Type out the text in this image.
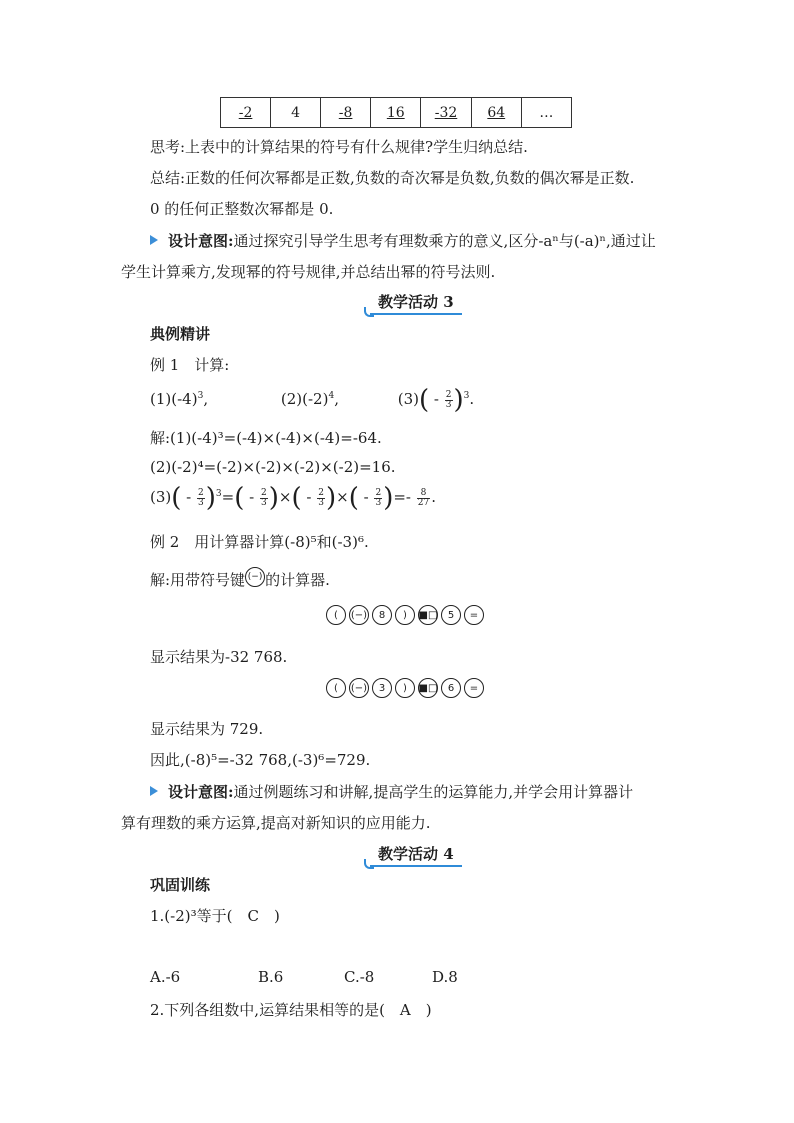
-2	4	-8	16	-32	64	…
思考:上表中的计算结果的符号有什么规律?学生归纳总结.
总结:正数的任何次幂都是正数,负数的奇次幂是负数,负数的偶次幂是正数.
0 的任何正整数次幂都是 0.
设计意图:通过探究引导学生思考有理数乘方的意义,区分-aⁿ与(-a)ⁿ,通过让
学生计算乘方,发现幂的符号规律,并总结出幂的符号法则.
教学活动 3
典例精讲
例 1　计算:
$(1)(-4)^3$,	$(2)(-2)^4$,	$(3)( - \frac{2}{3} )^3$.
解:(1)(-4)³=(-4)×(-4)×(-4)=-64.
(2)(-2)⁴=(-2)×(-2)×(-2)×(-2)=16.
$(3)( - \frac{2}{3} )^3=( - \frac{2}{3}$ )×( - $\frac{2}{3}$ )×( - $\frac{2}{3}$ )=- $\frac{8}{27}$ .
例 2　用计算器计算(-8)⁵和(-3)⁶.
解:用带符号键 (−) 的计算器.
(	(−)	8	)	■□	5	=
显示结果为-32 768.
(	(−)	3	)	■□	6	=
显示结果为 729.
因此,(-8)⁵=-32 768,(-3)⁶=729.
设计意图:通过例题练习和讲解,提高学生的运算能力,并学会用计算器计
算有理数的乘方运算,提高对新知识的应用能力.
教学活动 4
巩固训练
1.(-2)³等于(　C　)
A.-6	B.6	C.-8	D.8
2.下列各组数中,运算结果相等的是(　A　)
